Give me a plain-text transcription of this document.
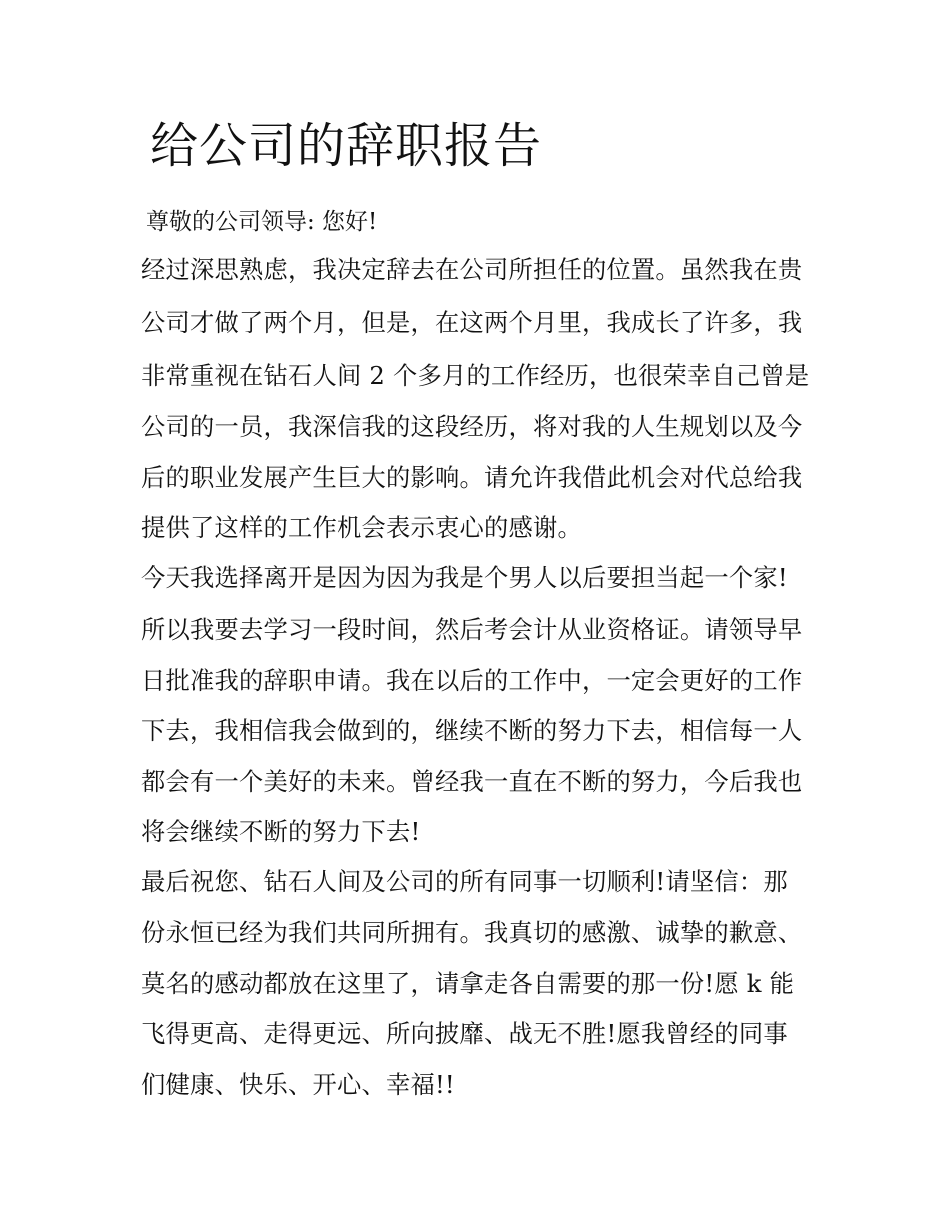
给公司的辞职报告
尊敬的公司领导: 您好!
经过深思熟虑，我决定辞去在公司所担任的位置。虽然我在贵
公司才做了两个月，但是，在这两个月里，我成长了许多，我
非常重视在钻石人间 2 个多月的工作经历，也很荣幸自己曾是
公司的一员，我深信我的这段经历，将对我的人生规划以及今
后的职业发展产生巨大的影响。请允许我借此机会对代总给我
提供了这样的工作机会表示衷心的感谢。
今天我选择离开是因为因为我是个男人以后要担当起一个家!
所以我要去学习一段时间，然后考会计从业资格证。请领导早
日批准我的辞职申请。我在以后的工作中，一定会更好的工作
下去，我相信我会做到的，继续不断的努力下去，相信每一人
都会有一个美好的未来。曾经我一直在不断的努力，今后我也
将会继续不断的努力下去!
最后祝您、钻石人间及公司的所有同事一切顺利!请坚信：那
份永恒已经为我们共同所拥有。我真切的感激、诚挚的歉意、
莫名的感动都放在这里了，请拿走各自需要的那一份!愿 k 能
飞得更高、走得更远、所向披靡、战无不胜!愿我曾经的同事
们健康、快乐、开心、幸福!!
